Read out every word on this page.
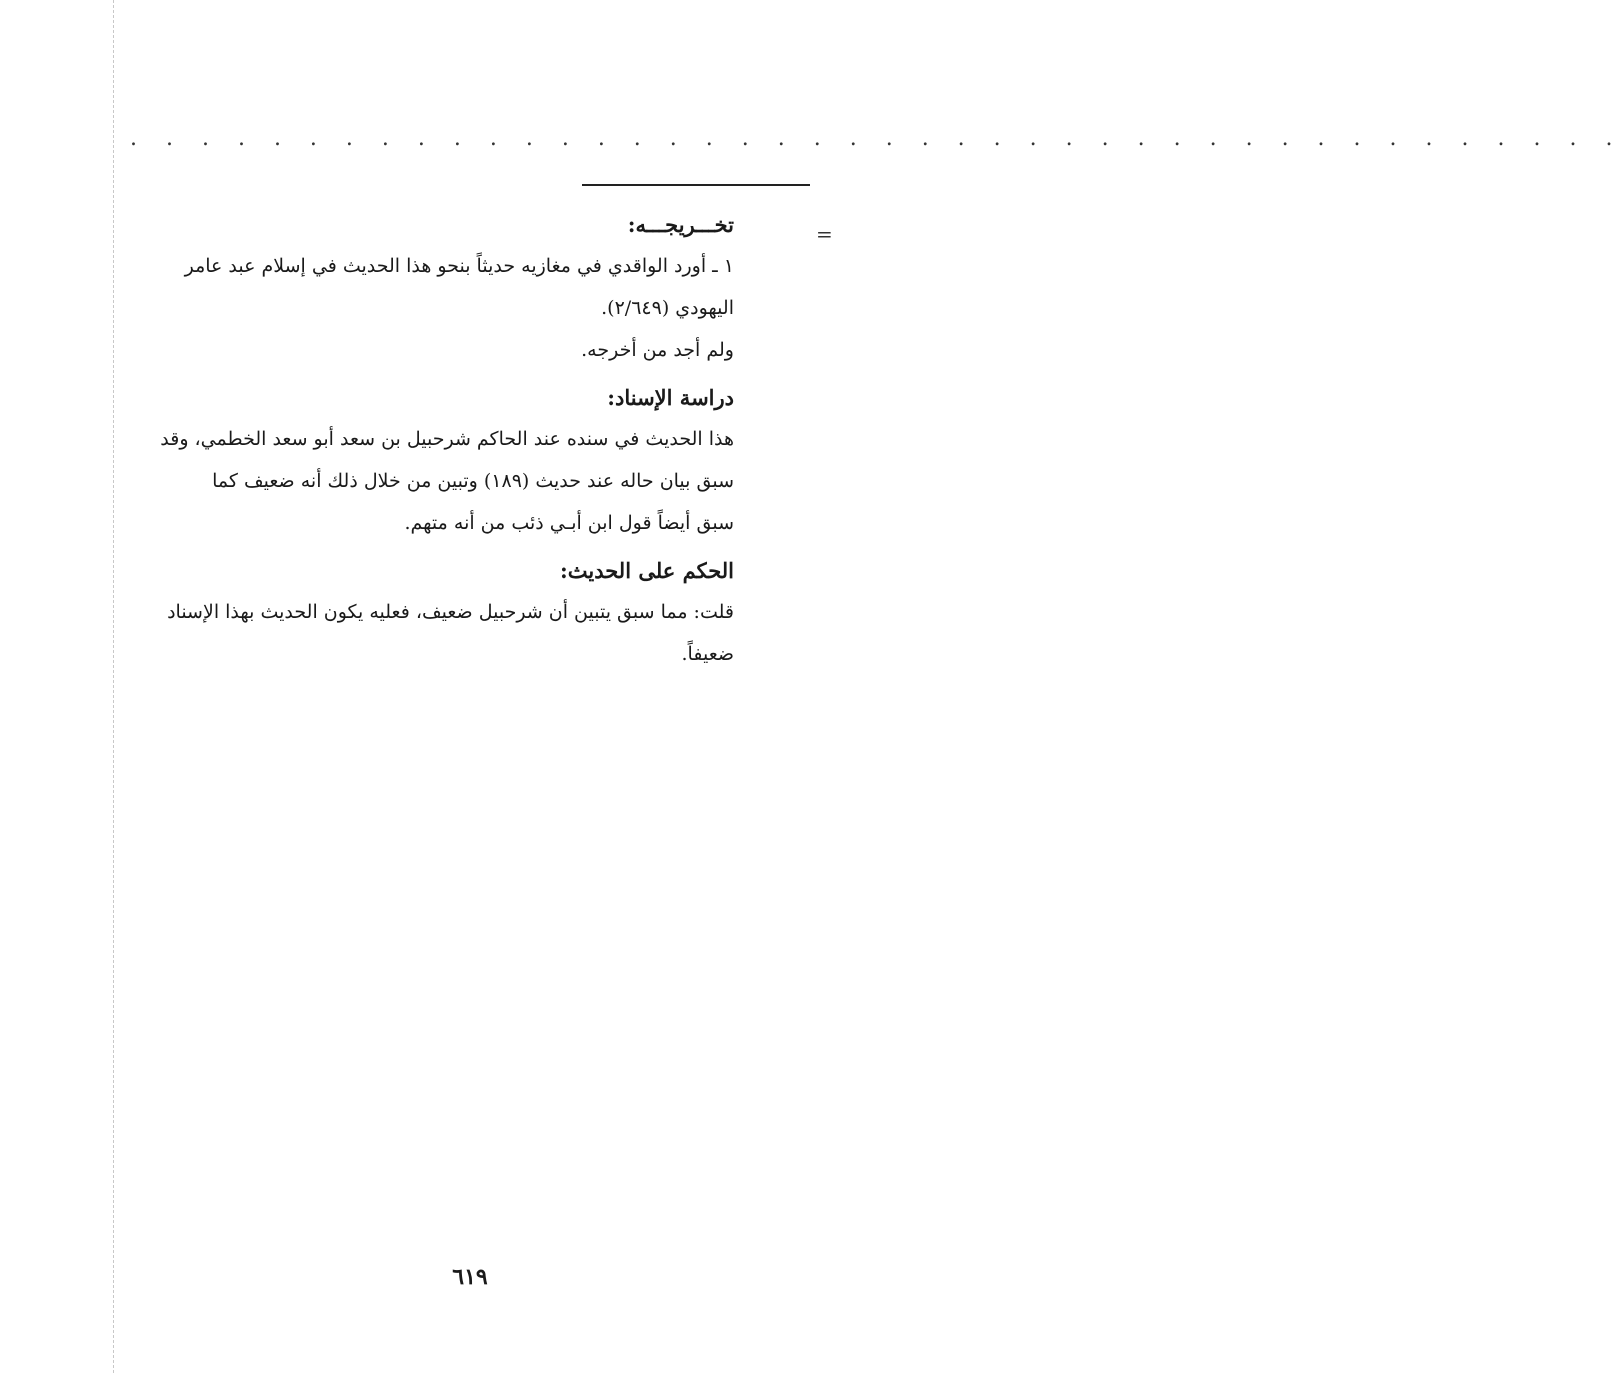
. . . . . . . . . . . . . . . . . . . . . . . . . . . . . . . . . . . . . . . . . .
=
تخـــريجـــه:

١ ـ أورد الواقدي في مغازيه حديثاً بنحو هذا الحديث في إسلام عبد عامر

اليهودي (٢/٦٤٩).

ولم أجد من أخرجه.

دراسة الإسناد:

هذا الحديث في سنده عند الحاكم شرحبيل بن سعد أبو سعد الخطمي، وقد

سبق بيان حاله عند حديث (١٨٩) وتبين من خلال ذلك أنه ضعيف كما

سبق أيضاً قول ابن أبـي ذئب من أنه متهم.

الحكم على الحديث:

قلت: مما سبق يتبين أن شرحبيل ضعيف، فعليه يكون الحديث بهذا الإسناد

ضعيفاً.

٦١٩
